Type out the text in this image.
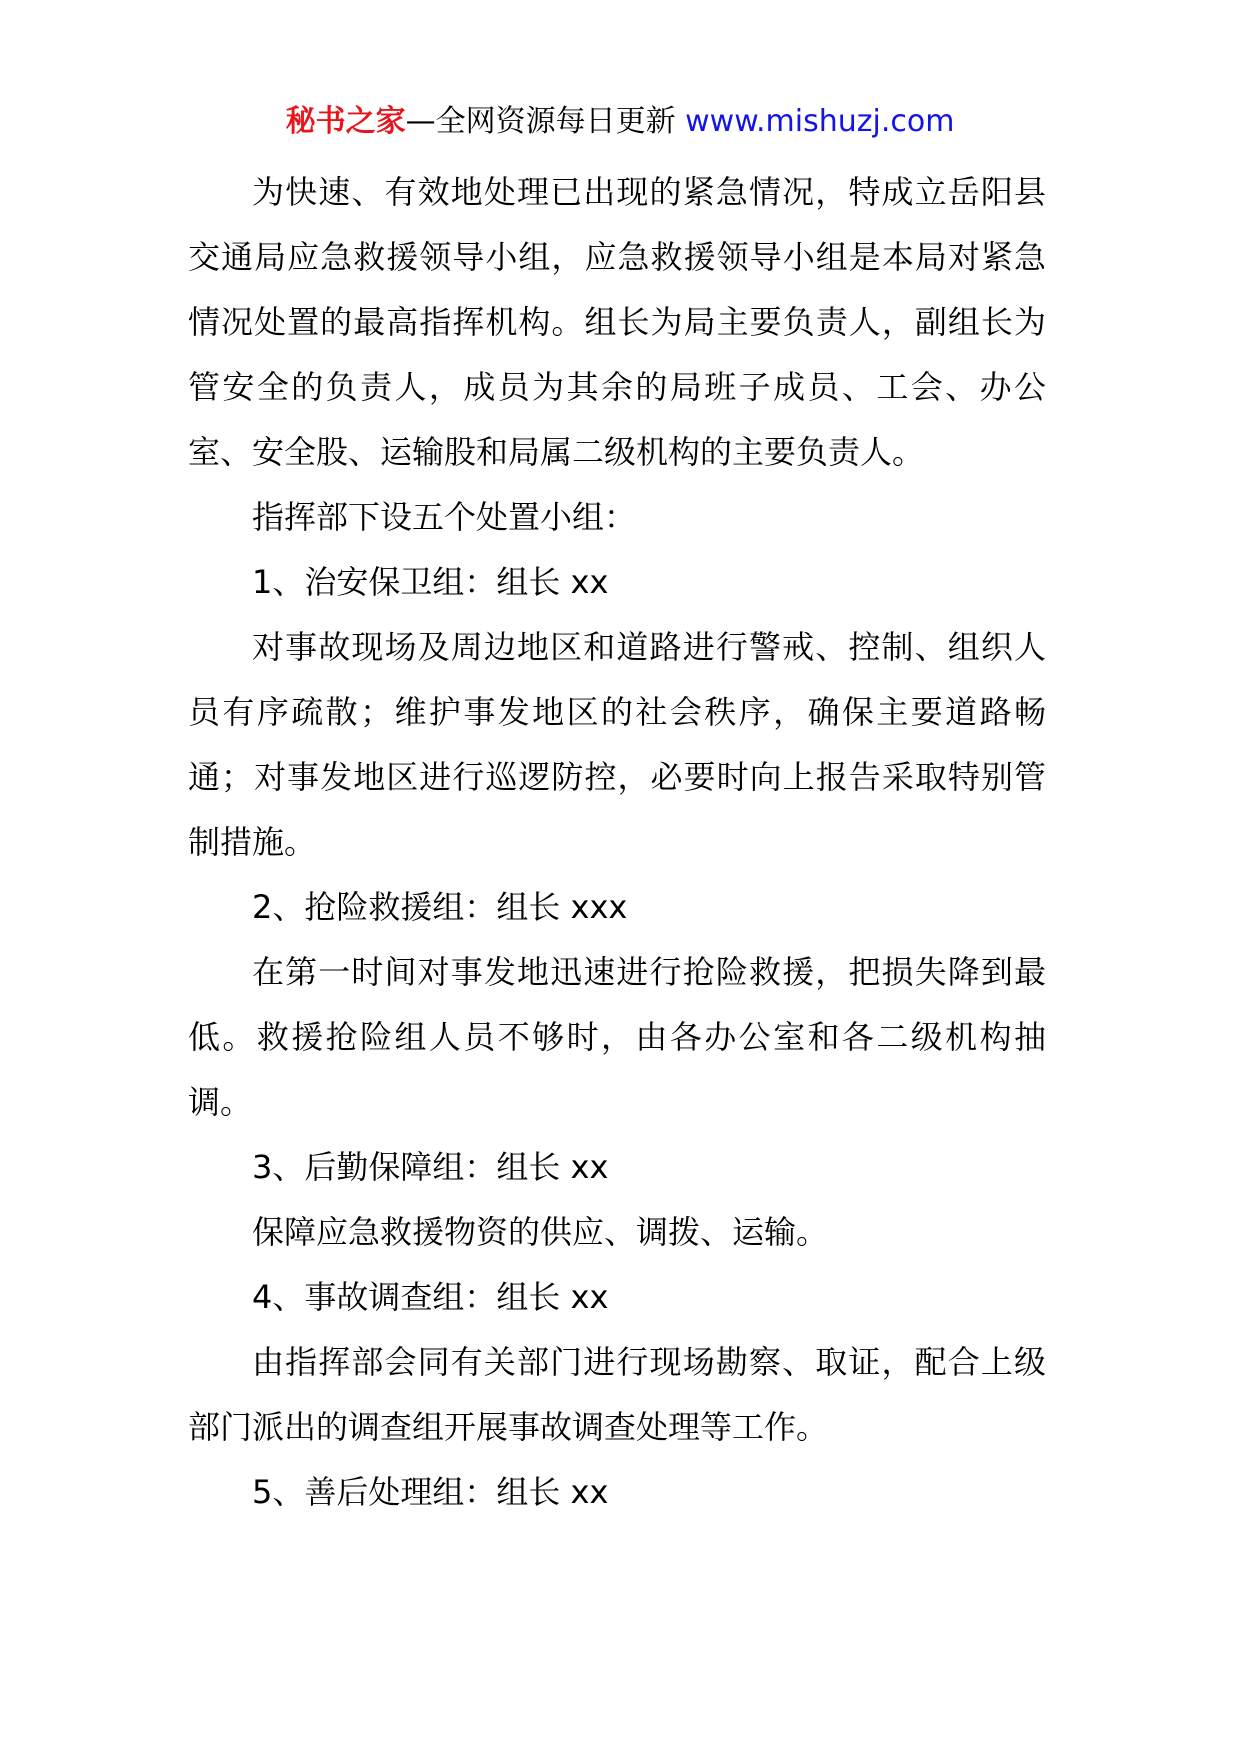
秘书之家—全网资源每日更新 www.mishuzj.com

为快速、有效地处理已出现的紧急情况，特成立岳阳县交通局应急救援领导小组，应急救援领导小组是本局对紧急情况处置的最高指挥机构。组长为局主要负责人，副组长为管安全的负责人，成员为其余的局班子成员、工会、办公室、安全股、运输股和局属二级机构的主要负责人。

指挥部下设五个处置小组：

1、治安保卫组：组长 xx

对事故现场及周边地区和道路进行警戒、控制、组织人员有序疏散；维护事发地区的社会秩序，确保主要道路畅通；对事发地区进行巡逻防控，必要时向上报告采取特别管制措施。

2、抢险救援组：组长 xxx

在第一时间对事发地迅速进行抢险救援，把损失降到最低。救援抢险组人员不够时，由各办公室和各二级机构抽调。

3、后勤保障组：组长 xx

保障应急救援物资的供应、调拨、运输。

4、事故调查组：组长 xx

由指挥部会同有关部门进行现场勘察、取证，配合上级部门派出的调查组开展事故调查处理等工作。

5、善后处理组：组长 xx
